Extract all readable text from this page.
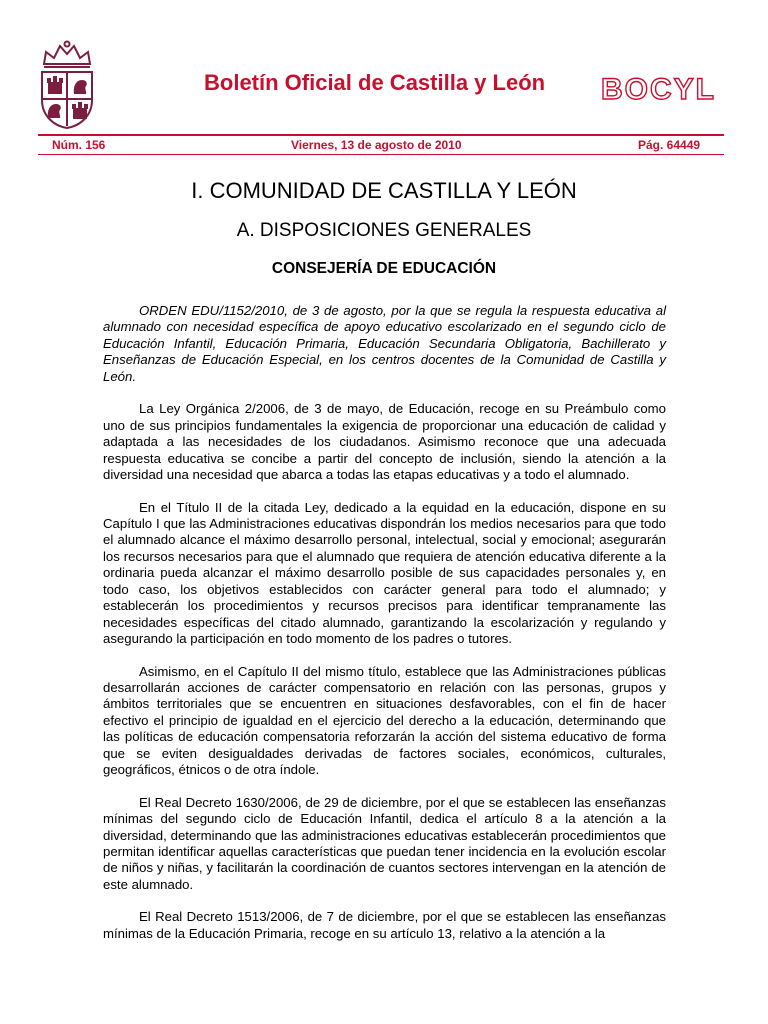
Boletín Oficial de Castilla y León BOCYL
Núm. 156	Viernes, 13 de agosto de 2010	Pág. 64449
I. COMUNIDAD DE CASTILLA Y LEÓN
A. DISPOSICIONES GENERALES
CONSEJERÍA DE EDUCACIÓN

ORDEN EDU/1152/2010, de 3 de agosto, por la que se regula la respuesta educativa al alumnado con necesidad específica de apoyo educativo escolarizado en el segundo ciclo de Educación Infantil, Educación Primaria, Educación Secundaria Obligatoria, Bachillerato y Enseñanzas de Educación Especial, en los centros docentes de la Comunidad de Castilla y León.

La Ley Orgánica 2/2006, de 3 de mayo, de Educación, recoge en su Preámbulo como uno de sus principios fundamentales la exigencia de proporcionar una educación de calidad y adaptada a las necesidades de los ciudadanos. Asimismo reconoce que una adecuada respuesta educativa se concibe a partir del concepto de inclusión, siendo la atención a la diversidad una necesidad que abarca a todas las etapas educativas y a todo el alumnado.

En el Título II de la citada Ley, dedicado a la equidad en la educación, dispone en su Capítulo I que las Administraciones educativas dispondrán los medios necesarios para que todo el alumnado alcance el máximo desarrollo personal, intelectual, social y emocional; asegurarán los recursos necesarios para que el alumnado que requiera de atención educativa diferente a la ordinaria pueda alcanzar el máximo desarrollo posible de sus capacidades personales y, en todo caso, los objetivos establecidos con carácter general para todo el alumnado; y establecerán los procedimientos y recursos precisos para identificar tempranamente las necesidades específicas del citado alumnado, garantizando la escolarización y regulando y asegurando la participación en todo momento de los padres o tutores.

Asimismo, en el Capítulo II del mismo título, establece que las Administraciones públicas desarrollarán acciones de carácter compensatorio en relación con las personas, grupos y ámbitos territoriales que se encuentren en situaciones desfavorables, con el fin de hacer efectivo el principio de igualdad en el ejercicio del derecho a la educación, determinando que las políticas de educación compensatoria reforzarán la acción del sistema educativo de forma que se eviten desigualdades derivadas de factores sociales, económicos, culturales, geográficos, étnicos o de otra índole.

El Real Decreto 1630/2006, de 29 de diciembre, por el que se establecen las enseñanzas mínimas del segundo ciclo de Educación Infantil, dedica el artículo 8 a la atención a la diversidad, determinando que las administraciones educativas establecerán procedimientos que permitan identificar aquellas características que puedan tener incidencia en la evolución escolar de niños y niñas, y facilitarán la coordinación de cuantos sectores intervengan en la atención de este alumnado.

El Real Decreto 1513/2006, de 7 de diciembre, por el que se establecen las enseñanzas mínimas de la Educación Primaria, recoge en su artículo 13, relativo a la atención a la
